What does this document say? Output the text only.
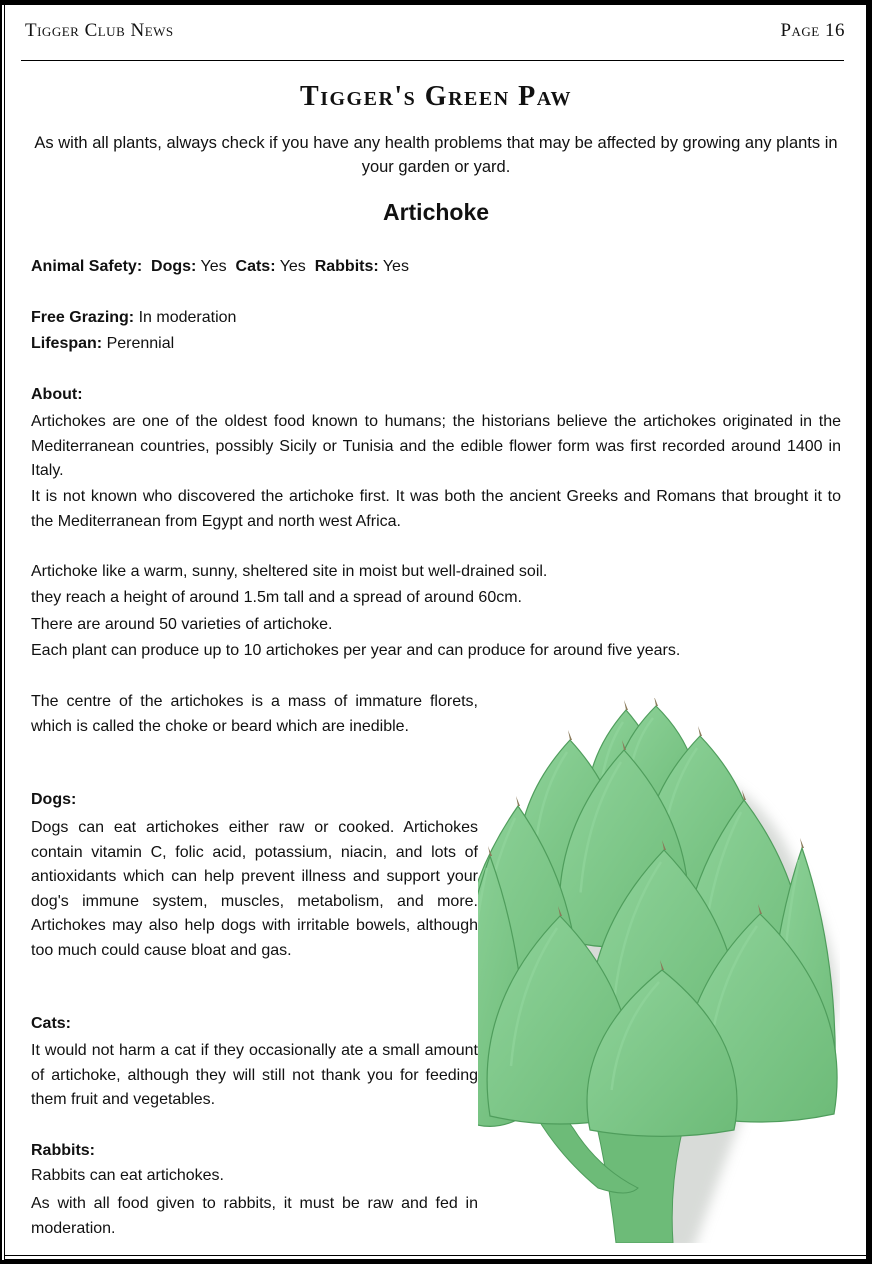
Tigger Club News	Page 16
Tigger's Green Paw
As with all plants, always check if you have any health problems that may be affected by growing any plants in your garden or yard.
Artichoke
Animal Safety: Dogs: Yes Cats: Yes Rabbits: Yes
Free Grazing: In moderation
Lifespan: Perennial
About:
Artichokes are one of the oldest food known to humans; the historians believe the artichokes originated in the Mediterranean countries, possibly Sicily or Tunisia and the edible flower form was first recorded around 1400 in Italy.
It is not known who discovered the artichoke first. It was both the ancient Greeks and Romans that brought it to the Mediterranean from Egypt and north west Africa.
Artichoke like a warm, sunny, sheltered site in moist but well-drained soil.
they reach a height of around 1.5m tall and a spread of around 60cm.
There are around 50 varieties of artichoke.
Each plant can produce up to 10 artichokes per year and can produce for around five years.
The centre of the artichokes is a mass of immature florets, which is called the choke or beard which are inedible.
Dogs:
Dogs can eat artichokes either raw or cooked. Artichokes contain vitamin C, folic acid, potassium, niacin, and lots of antioxidants which can help prevent illness and support your dog's immune system, muscles, metabolism, and more. Artichokes may also help dogs with irritable bowels, although too much could cause bloat and gas.
Cats:
It would not harm a cat if they occasionally ate a small amount of artichoke, although they will still not thank you for feeding them fruit and vegetables.
Rabbits:
Rabbits can eat artichokes.
As with all food given to rabbits, it must be raw and fed in moderation.
